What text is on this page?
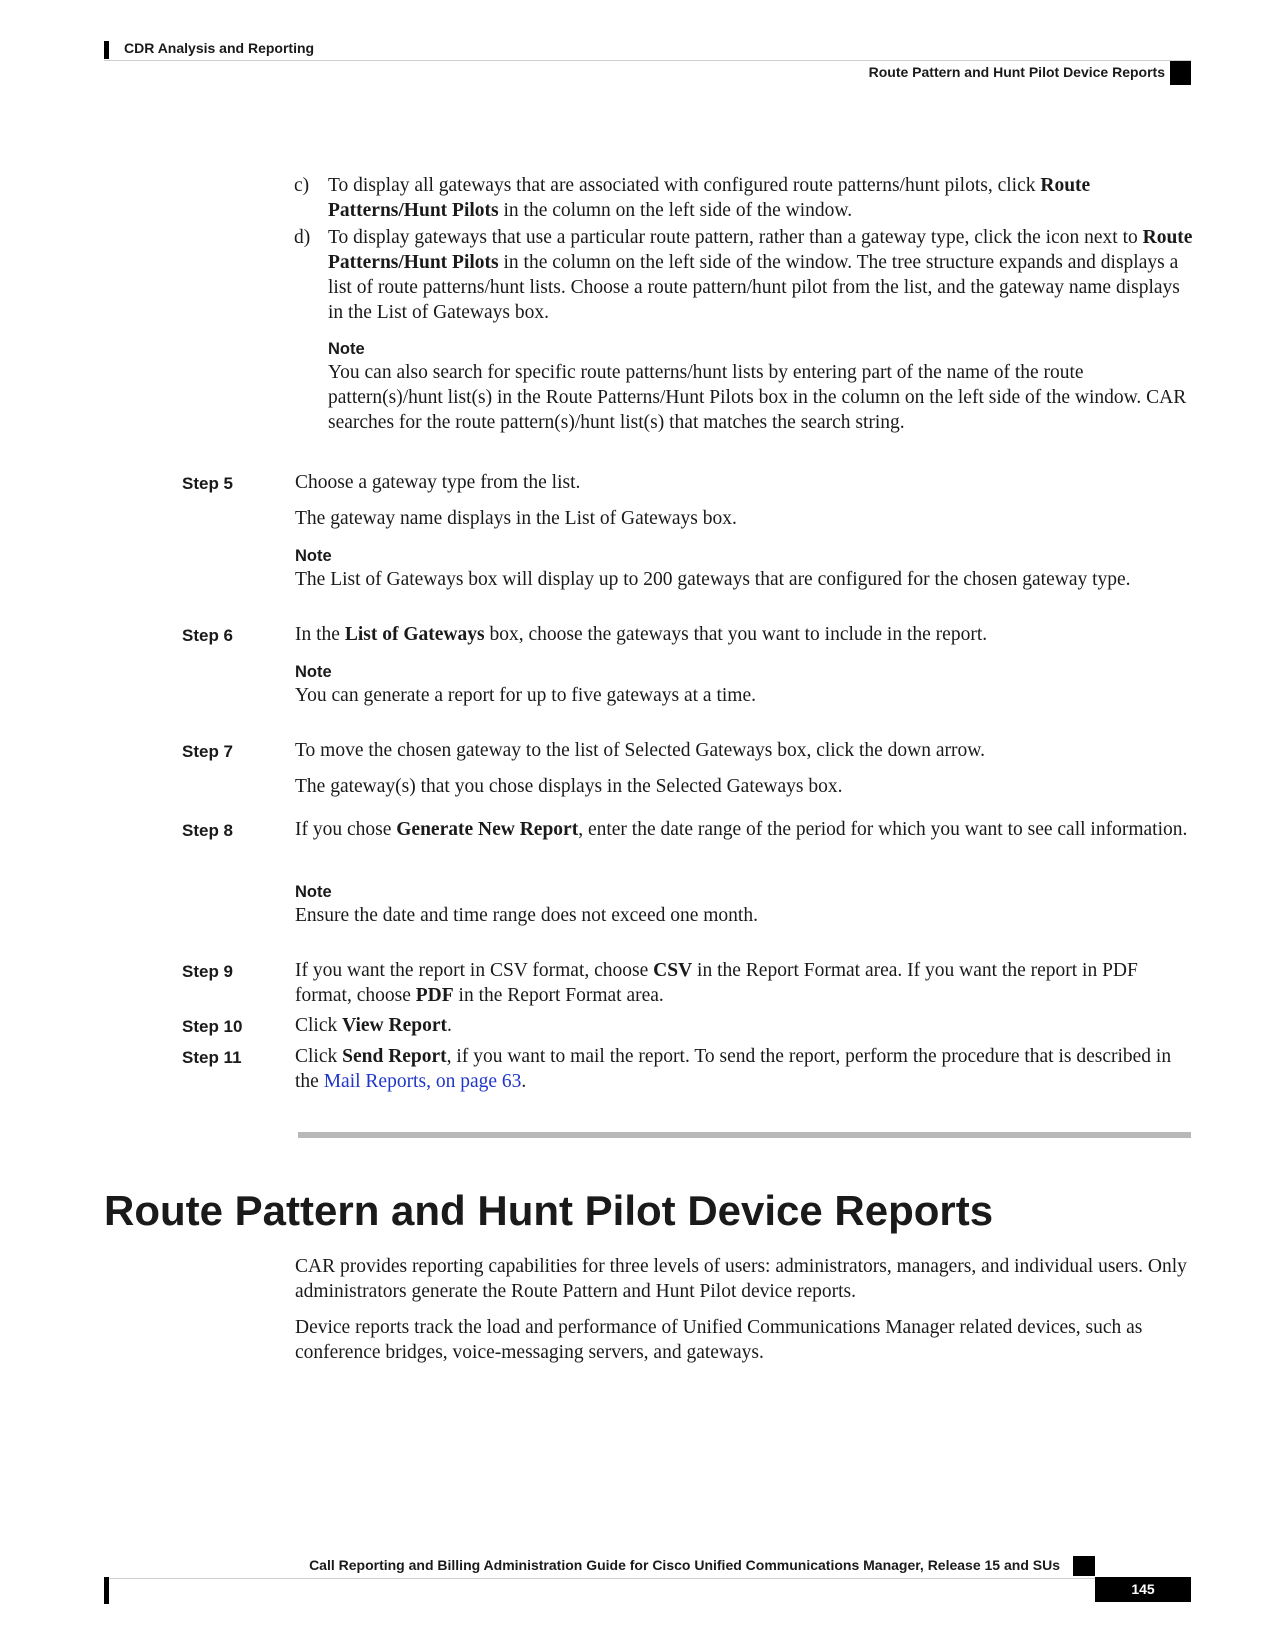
CDR Analysis and Reporting
Route Pattern and Hunt Pilot Device Reports
c) To display all gateways that are associated with configured route patterns/hunt pilots, click Route Patterns/Hunt Pilots in the column on the left side of the window.
d) To display gateways that use a particular route pattern, rather than a gateway type, click the icon next to Route Patterns/Hunt Pilots in the column on the left side of the window. The tree structure expands and displays a list of route patterns/hunt lists. Choose a route pattern/hunt pilot from the list, and the gateway name displays in the List of Gateways box.
Note
You can also search for specific route patterns/hunt lists by entering part of the name of the route pattern(s)/hunt list(s) in the Route Patterns/Hunt Pilots box in the column on the left side of the window. CAR searches for the route pattern(s)/hunt list(s) that matches the search string.
Step 5	Choose a gateway type from the list.
The gateway name displays in the List of Gateways box.
Note
The List of Gateways box will display up to 200 gateways that are configured for the chosen gateway type.
Step 6	In the List of Gateways box, choose the gateways that you want to include in the report.
Note
You can generate a report for up to five gateways at a time.
Step 7	To move the chosen gateway to the list of Selected Gateways box, click the down arrow.
The gateway(s) that you chose displays in the Selected Gateways box.
Step 8	If you chose Generate New Report, enter the date range of the period for which you want to see call information.
Note
Ensure the date and time range does not exceed one month.
Step 9	If you want the report in CSV format, choose CSV in the Report Format area. If you want the report in PDF format, choose PDF in the Report Format area.
Step 10	Click View Report.
Step 11	Click Send Report, if you want to mail the report. To send the report, perform the procedure that is described in the Mail Reports, on page 63.
Route Pattern and Hunt Pilot Device Reports
CAR provides reporting capabilities for three levels of users: administrators, managers, and individual users. Only administrators generate the Route Pattern and Hunt Pilot device reports.
Device reports track the load and performance of Unified Communications Manager related devices, such as conference bridges, voice-messaging servers, and gateways.
Call Reporting and Billing Administration Guide for Cisco Unified Communications Manager, Release 15 and SUs
145
